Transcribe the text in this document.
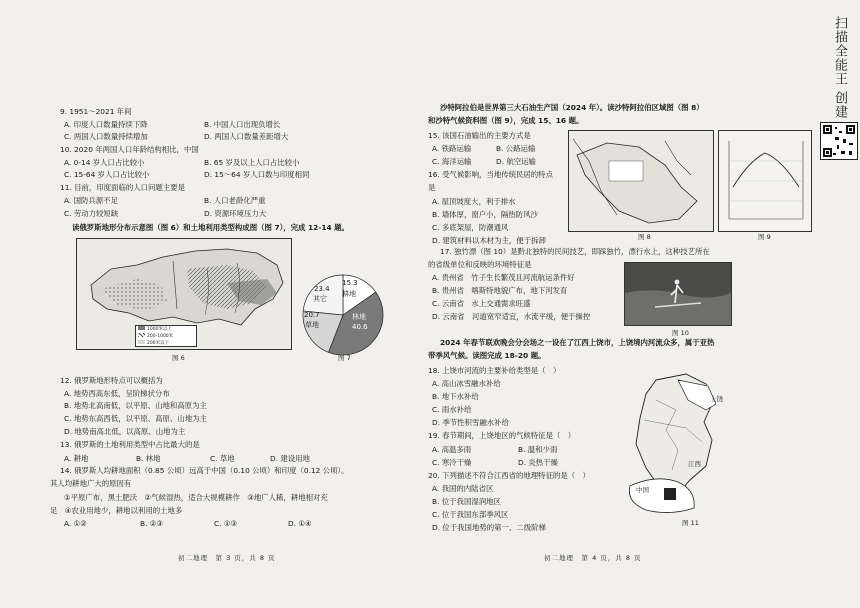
9. 1951～2021 年间
A. 印度人口数量持续下降	B. 中国人口出现负增长
C. 两国人口数量持续增加	D. 两国人口数量差距增大
10. 2020 年两国人口年龄结构相比，中国
A. 0-14 岁人口占比较小	B. 65 岁及以上人口占比较小
C. 15-64 岁人口占比较小	D. 15～64 岁人口数与印度相同
11. 目前，印度面临的人口问题主要是
A. 国防兵源不足	B. 人口老龄化严重
C. 劳动力较短缺	D. 资源环境压力大
读俄罗斯地形分布示意图（图 6）和土地利用类型构成图（图 7），完成 12-14 题。
1000米以上
200-1000米
200米以下
图 6
23.4
其它
15.3
耕地
林地
40.6
20.7
草地
图 7
12. 俄罗斯地形特点可以概括为
A. 地势西高东低，呈阶梯状分布
B. 地势北高南低，以平原、山地和高原为主
C. 地势东高西低，以平原、高原、山地为主
D. 地势南高北低，以高原、山地为主
13. 俄罗斯的土地利用类型中占比最大的是
A. 耕地	B. 林地	C. 草地	D. 建设用地
14. 俄罗斯人均耕地面积（0.85 公顷）远高于中国（0.10 公顷）和印度（0.12 公顷）。
其人均耕地广大的原因有
①平原广布，黑土肥沃　②气候湿热，适合大规模耕作　③地广人稀，耕地相对充
足　④农业用地少，耕地以利用的土地多
A. ①②	B. ②③	C. ①③	D. ①④
初二地理　第 3 页，共 8 页
沙特阿拉伯是世界第三大石油生产国（2024 年）。读沙特阿拉伯区域图（图 8）
和沙特气候资料图（图 9），完成 15、16 题。
15. 该国石油输出的主要方式是
A. 铁路运输	B. 公路运输
C. 海洋运输	D. 航空运输
16. 受气候影响，当地传统民居的特点
是
A. 屋顶坡度大，利于排水
B. 墙体厚，窗户小，隔热防风沙
C. 多底架屋，防潮通风
D. 建筑材料以木材为主，便于拆卸	图 8	图 9
17. 独竹漂（图 10）是黔北独特的民间技艺，即踩独竹，漂行水上，这种技艺所在
的省级单位和反映的环境特征是
A. 贵州省　竹子生长繁茂且河流航运条件好
B. 贵州省　喀斯特地貌广布，地下河发育
C. 云南省　水上交通需求旺盛
D. 云南省　河道宽窄适宜，水流平缓，便于操控
图 10
2024 年春节联欢晚会分会场之一设在了江西上饶市，上饶境内河流众多，属于亚热
带季风气候。读图完成 18-20 题。
18. 上饶市河流的主要补给类型是（　）
A. 高山冰雪融水补给
B. 地下水补给
C. 雨水补给
D. 季节性积雪融水补给
19. 春节期间，上饶地区的气候特征是（　）
A. 高温多雨	B. 温和少雨
C. 寒冷干燥	D. 炎热干燥
20. 下列描述不符合江西省的地理特征的是（　）
A. 我国的内陆省区
B. 位于我国湿润地区
C. 位于我国东部季风区
D. 位于我国地势的第一、二级阶梯
上饶
江西
中国
图 11
初二地理　第 4 页，共 8 页
扫描全能王 创建
